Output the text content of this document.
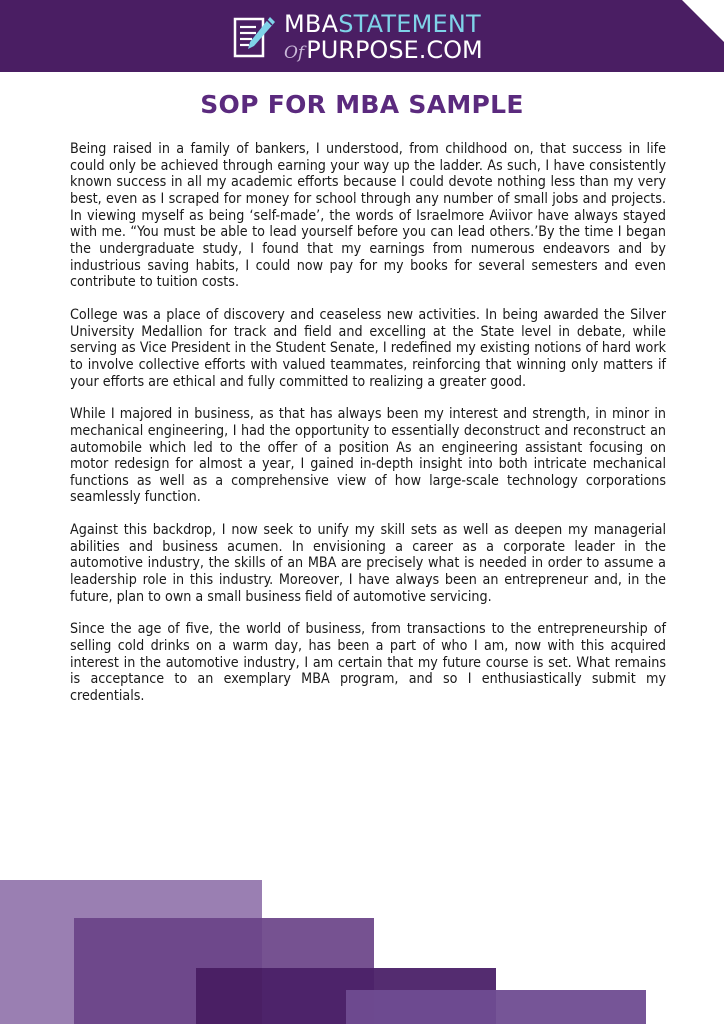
MBASTATEMENT
OfPURPOSE.COM
SOP FOR MBA SAMPLE

Being raised in a family of bankers, I understood, from childhood on, that success in life could only be achieved through earning your way up the ladder. As such, I have consistently known success in all my academic efforts because I could devote nothing less than my very best, even as I scraped for money for school through any number of small jobs and projects. In viewing myself as being ‘self-made’, the words of Israelmore Aviivor have always stayed with me. “You must be able to lead yourself before you can lead others.’By the time I began the undergraduate study, I found that my earnings from numerous endeavors and by industrious saving habits, I could now pay for my books for several semesters and even contribute to tuition costs.

College was a place of discovery and ceaseless new activities. In being awarded the Silver University Medallion for track and field and excelling at the State level in debate, while serving as Vice President in the Student Senate, I redefined my existing notions of hard work to involve collective efforts with valued teammates, reinforcing that winning only matters if your efforts are ethical and fully committed to realizing a greater good.

While I majored in business, as that has always been my interest and strength, in minor in mechanical engineering, I had the opportunity to essentially deconstruct and reconstruct an automobile which led to the offer of a position As an engineering assistant focusing on motor redesign for almost a year, I gained in-depth insight into both intricate mechanical functions as well as a comprehensive view of how large-scale technology corporations seamlessly function.

Against this backdrop, I now seek to unify my skill sets as well as deepen my managerial abilities and business acumen. In envisioning a career as a corporate leader in the automotive industry, the skills of an MBA are precisely what is needed in order to assume a leadership role in this industry. Moreover, I have always been an entrepreneur and, in the future, plan to own a small business field of automotive servicing.

Since the age of five, the world of business, from transactions to the entrepreneurship of selling cold drinks on a warm day, has been a part of who I am, now with this acquired interest in the automotive industry, I am certain that my future course is set. What remains is acceptance to an exemplary MBA program, and so I enthusiastically submit my credentials.
